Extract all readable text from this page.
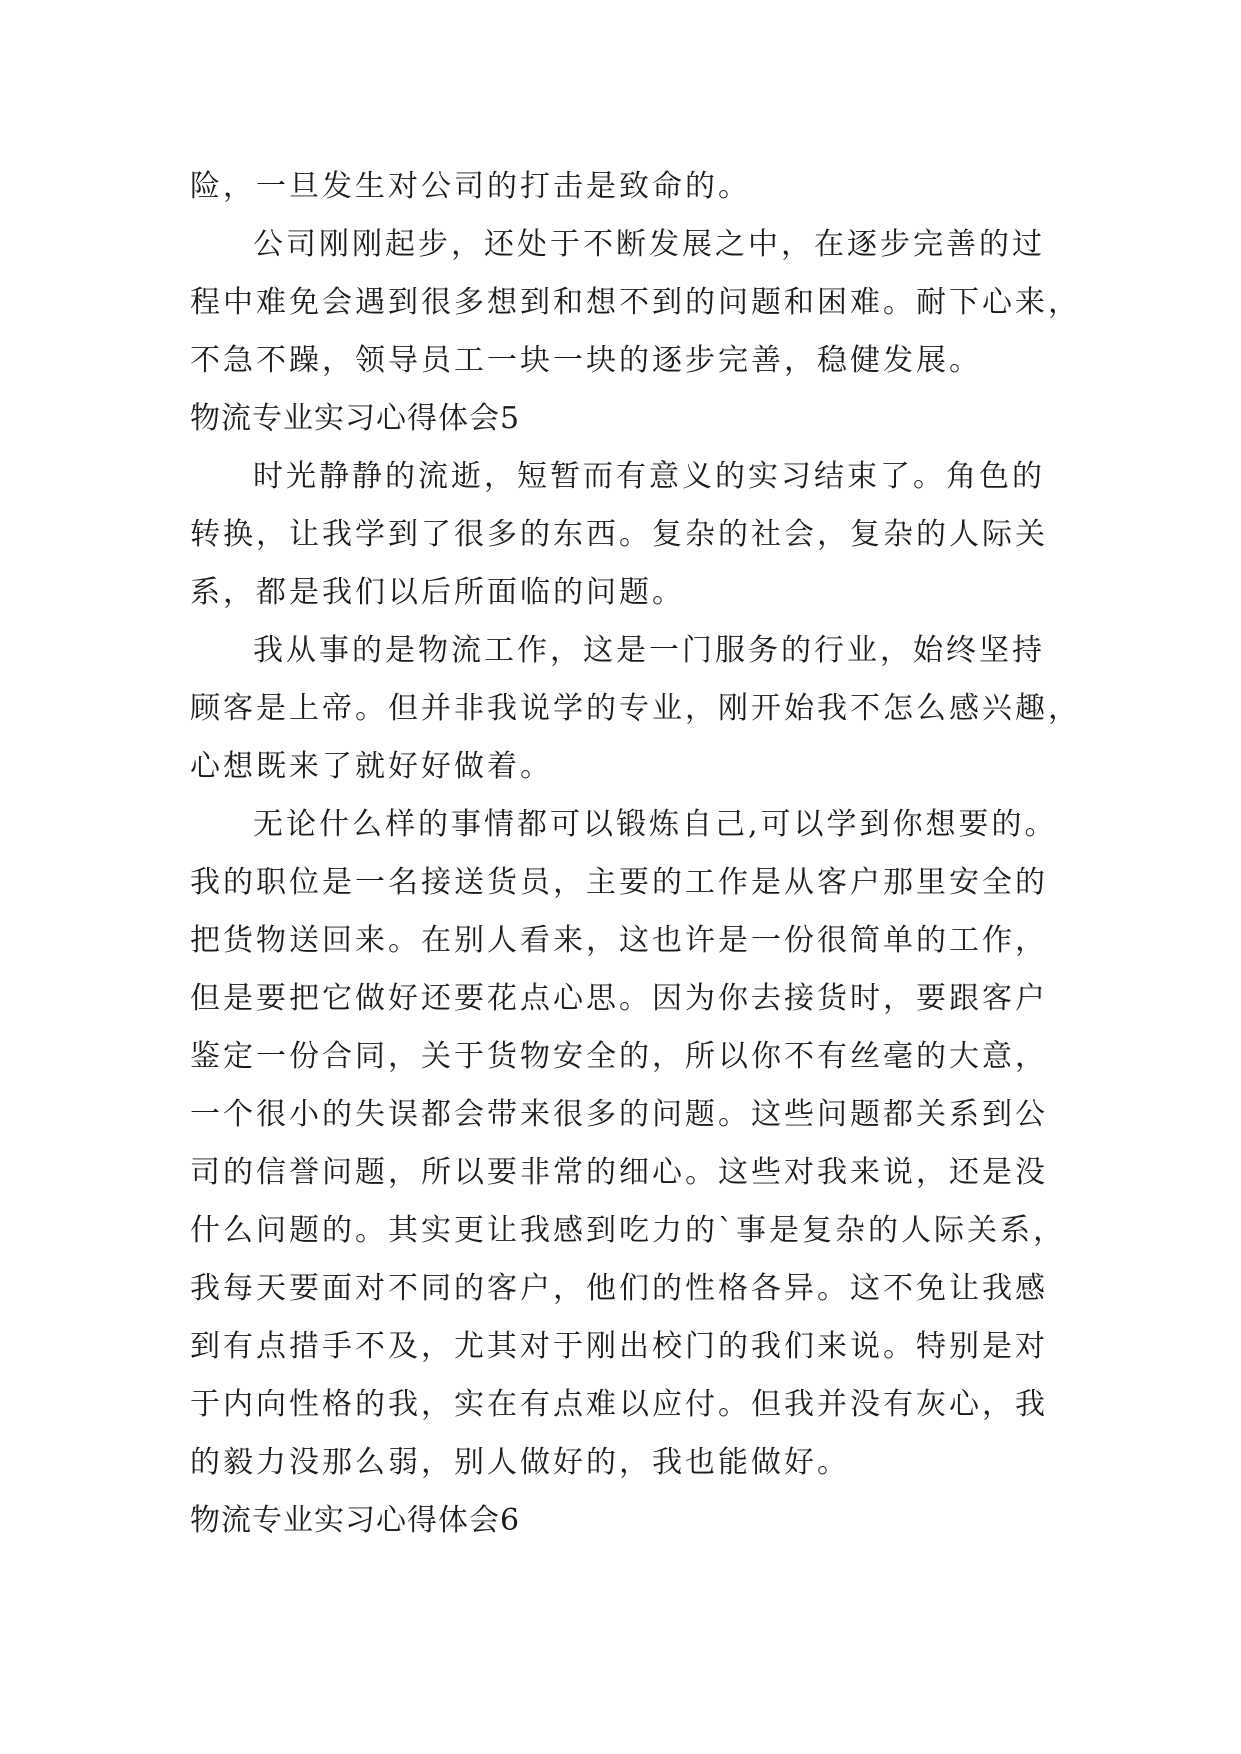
险，一旦发生对公司的打击是致命的。
公司刚刚起步，还处于不断发展之中，在逐步完善的过
程中难免会遇到很多想到和想不到的问题和困难。耐下心来，
不急不躁，领导员工一块一块的逐步完善，稳健发展。
物流专业实习心得体会5
时光静静的流逝，短暂而有意义的实习结束了。角色的
转换，让我学到了很多的东西。复杂的社会，复杂的人际关
系，都是我们以后所面临的问题。
我从事的是物流工作，这是一门服务的行业，始终坚持
顾客是上帝。但并非我说学的专业，刚开始我不怎么感兴趣，
心想既来了就好好做着。
无论什么样的事情都可以锻炼自己,可以学到你想要的。
我的职位是一名接送货员，主要的工作是从客户那里安全的
把货物送回来。在别人看来，这也许是一份很简单的工作，
但是要把它做好还要花点心思。因为你去接货时，要跟客户
鉴定一份合同，关于货物安全的，所以你不有丝毫的大意，
一个很小的失误都会带来很多的问题。这些问题都关系到公
司的信誉问题，所以要非常的细心。这些对我来说，还是没
什么问题的。其实更让我感到吃力的`事是复杂的人际关系，
我每天要面对不同的客户，他们的性格各异。这不免让我感
到有点措手不及，尤其对于刚出校门的我们来说。特别是对
于内向性格的我，实在有点难以应付。但我并没有灰心，我
的毅力没那么弱，别人做好的，我也能做好。
物流专业实习心得体会6
